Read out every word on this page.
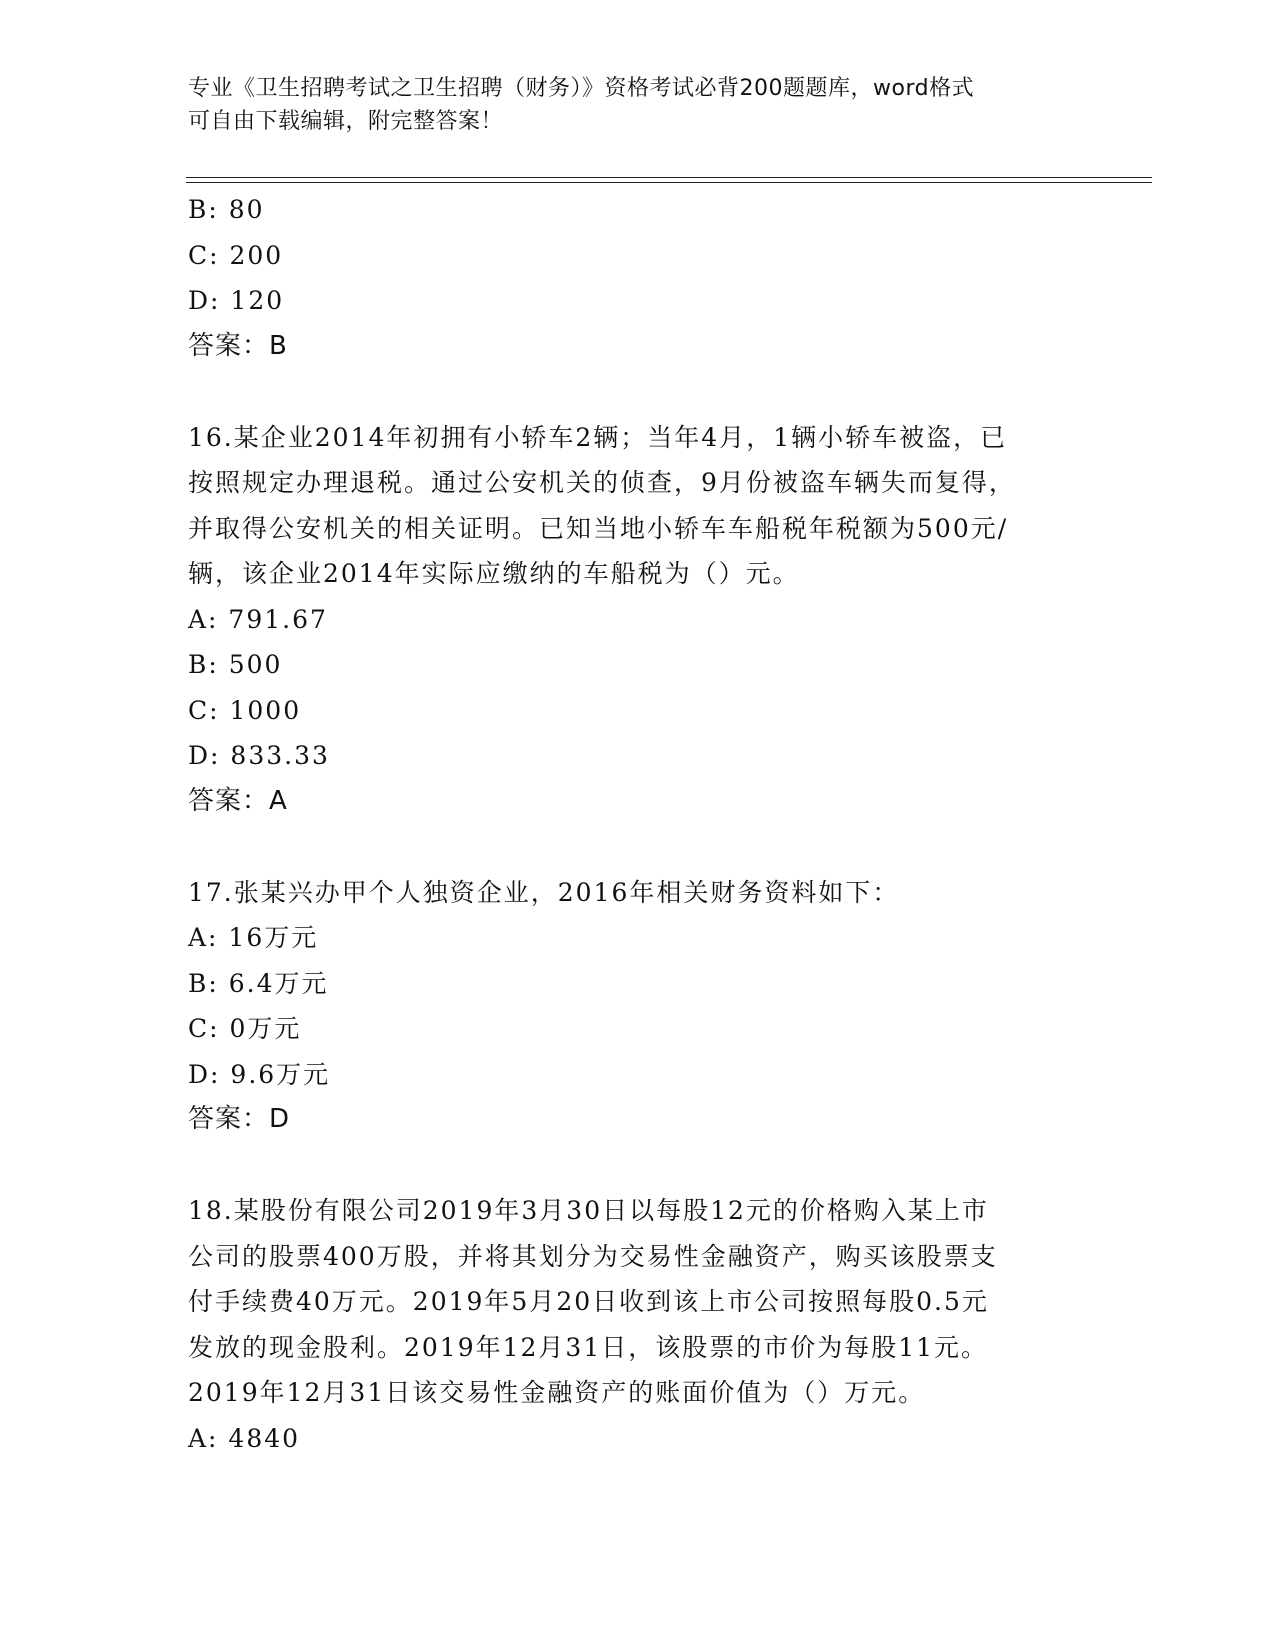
专业《卫生招聘考试之卫生招聘（财务）》资格考试必背200题题库，word格式
可自由下载编辑，附完整答案！
B: 80
C: 200
D: 120
答案：B
16.某企业2014年初拥有小轿车2辆；当年4月，1辆小轿车被盗，已
按照规定办理退税。通过公安机关的侦查，9月份被盗车辆失而复得，
并取得公安机关的相关证明。已知当地小轿车车船税年税额为500元/
辆，该企业2014年实际应缴纳的车船税为（）元。
A: 791.67
B: 500
C: 1000
D: 833.33
答案：A
17.张某兴办甲个人独资企业，2016年相关财务资料如下：
A: 16万元
B: 6.4万元
C: 0万元
D: 9.6万元
答案：D
18.某股份有限公司2019年3月30日以每股12元的价格购入某上市
公司的股票400万股，并将其划分为交易性金融资产，购买该股票支
付手续费40万元。2019年5月20日收到该上市公司按照每股0.5元
发放的现金股利。2019年12月31日，该股票的市价为每股11元。
2019年12月31日该交易性金融资产的账面价值为（）万元。
A: 4840
